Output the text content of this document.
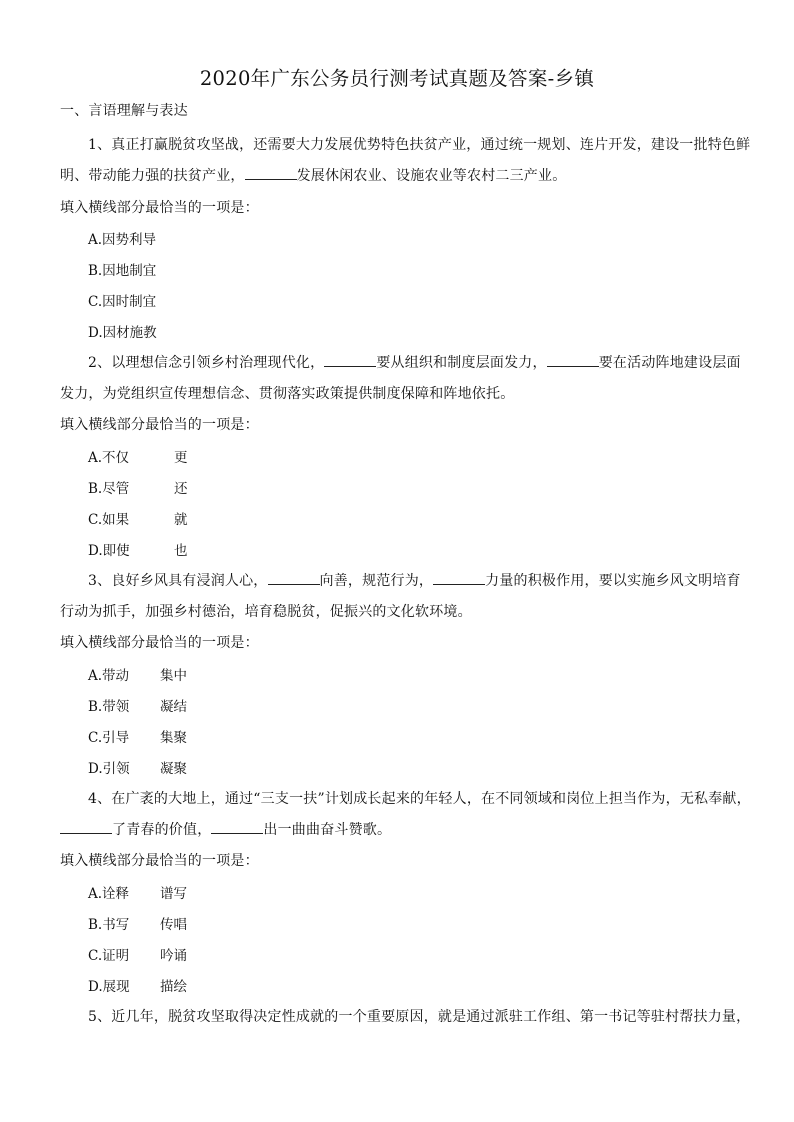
2020年广东公务员行测考试真题及答案-乡镇
一、言语理解与表达
1、真正打赢脱贫攻坚战，还需要大力发展优势特色扶贫产业，通过统一规划、连片开发，建设一批特色鲜
明、带动能力强的扶贫产业，	发展休闲农业、设施农业等农村二三产业。
填入横线部分最恰当的一项是：
A.因势利导
B.因地制宜
C.因时制宜
D.因材施教
2、以理想信念引领乡村治理现代化，	要从组织和制度层面发力，	要在活动阵地建设层面
发力，为党组织宣传理想信念、贯彻落实政策提供制度保障和阵地依托。
填入横线部分最恰当的一项是：
A.不仅	更
B.尽管	还
C.如果	就
D.即使	也
3、良好乡风具有浸润人心，	向善，规范行为，	力量的积极作用，要以实施乡风文明培育
行动为抓手，加强乡村德治，培育稳脱贫，促振兴的文化软环境。
填入横线部分最恰当的一项是：
A.带动 集中
B.带领 凝结
C.引导 集聚
D.引领 凝聚
4、在广袤的大地上，通过“三支一扶”计划成长起来的年轻人，在不同领域和岗位上担当作为，无私奉献，
了青春的价值，	出一曲曲奋斗赞歌。
填入横线部分最恰当的一项是：
A.诠释 谱写
B.书写 传唱
C.证明 吟诵
D.展现 描绘
5、近几年，脱贫攻坚取得决定性成就的一个重要原因，就是通过派驻工作组、第一书记等驻村帮扶力量，
